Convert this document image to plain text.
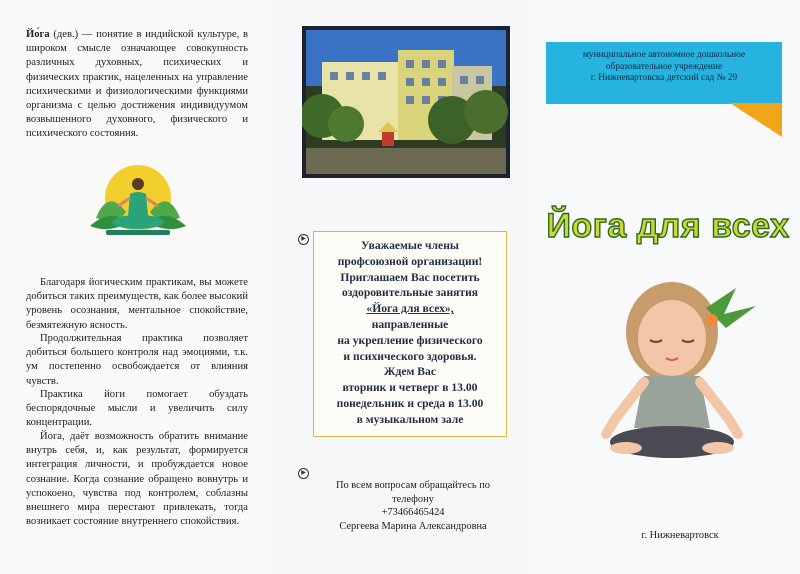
Йо́га (дев.) — понятие в индийской культуре, в широком смысле означающее совокупность различных духовных, психических и физических практик, нацеленных на управление психическими и физиологическими функциями организма с целью достижения индивидуумом возвышенного духовного, физического и психического состояния.

Благодаря йогическим практикам, вы можете добиться таких преимуществ, как более высокий уровень осознания, ментальное спокойствие, безмятежную ясность.

Продолжительная практика позволяет добиться большего контроля над эмоциями, т.к. ум постепенно освобождается от влияния чувств.

Практика йоги помогает обуздать беспорядочные мысли и увеличить силу концентрации.

Йога, даёт возможность обратить внимание внутрь себя, и, как результат, формируется интеграция личности, и пробуждается новое сознание. Когда сознание обращено вовнутрь и успокоено, чувства под контролем, соблазны внешнего мира перестают привлекать, тогда возникает состояние внутреннего спокойствия.

▶	Уважаемые члены
профсоюзной организации!
Приглашаем Вас посетить
оздоровительные занятия
«Йога для всех»,
направленные
на укрепление физического
и психического здоровья.
Ждем Вас
вторник и четверг в 13.00
понедельник и среда в 13.00
в музыкальном зале
▶
По всем вопросам обращайтесь по
телефону
+73466465424
Сергеева Марина Александровна
муниципальное автономное дошкольное
образовательное учреждение
г. Нижневартовска детский сад № 29
Йога для всех
г. Нижневартовск
